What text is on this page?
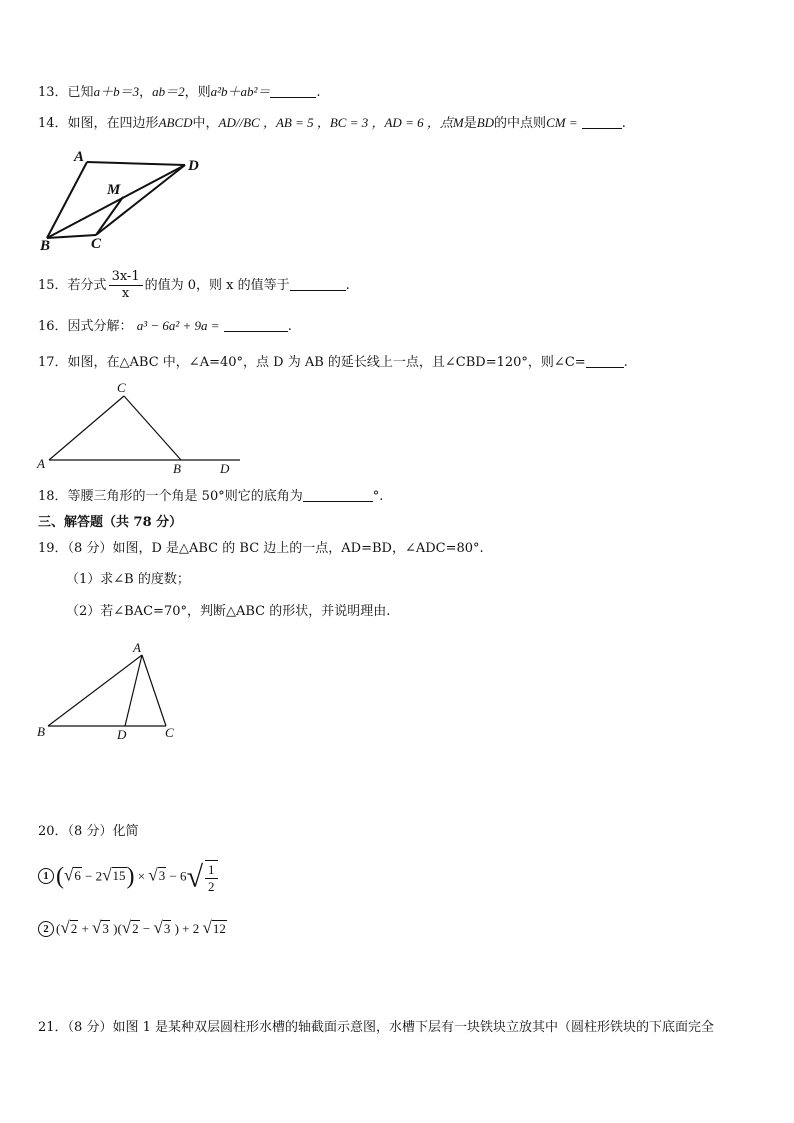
13．已知a＋b＝3，ab＝2，则a²b＋ab²＝	.
14．如图，在四边形ABCD中，AD//BC ，AB = 5 ，BC = 3 ，AD = 6 ，点M是BD的中点则CM =	.
A
D
M
B	C
15．若分式 $\frac{3x-1}{x}$ 的值为 0，则 x 的值等于	.
16．因式分解： a³ − 6a² + 9a =	.
17．如图，在△ABC 中，∠A=40°，点 D 为 AB 的延长线上一点，且∠CBD=120°，则∠C=	.
C
A	B	D
18．等腰三角形的一个角是 50°则它的底角为	°.
三、解答题（共 78 分）
19．（8 分）如图，D 是△ABC 的 BC 边上的一点，AD=BD，∠ADC=80°.
（1）求∠B 的度数；
（2）若∠BAC=70°，判断△ABC 的形状，并说明理由.
A
B	D	C
20．（8 分）化简
1 $(√6 - 2√15) \times √3 - 6√ \frac{1}{2}$
2 (√2 + √3 )(√2 − √3 ) + 2 √12
21．（8 分）如图 1 是某种双层圆柱形水槽的轴截面示意图，水槽下层有一块铁块立放其中（圆柱形铁块的下底面完全
